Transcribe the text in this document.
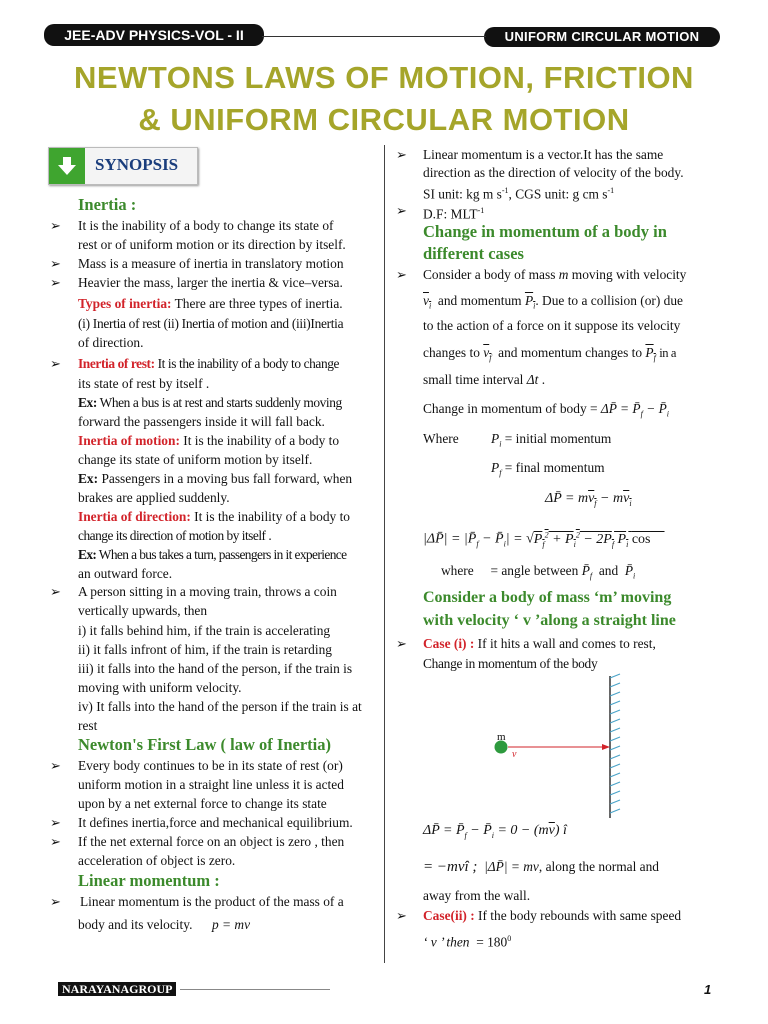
JEE-ADV PHYSICS-VOL - II	UNIFORM CIRCULAR MOTION
NEWTONS LAWS OF MOTION, FRICTION
& UNIFORM CIRCULAR MOTION
SYNOPSIS
Inertia :
➢ It is the inability of a body to change its state of
rest or of uniform motion or its direction by itself.
➢ Mass is a measure of inertia in translatory motion
➢ Heavier the mass, larger the inertia & vice–versa.
Types of inertia: There are three types of inertia.
(i) Inertia of rest (ii) Inertia of motion and (iii)Inertia
of direction.
➢ Inertia of rest: It is the inability of a body to change
its state of rest by itself .
Ex: When a bus is at rest and starts suddenly moving
forward the passengers inside it will fall back.
Inertia of motion: It is the inability of a body to
change its state of uniform motion by itself.
Ex: Passengers in a moving bus fall forward, when
brakes are applied suddenly.
Inertia of direction: It is the inability of a body to
change its direction of motion by itself .
Ex: When a bus takes a turn, passengers in it experience
an outward force.
➢ A person sitting in a moving train, throws a coin
vertically upwards, then
i) it falls behind him, if the train is accelerating
ii) it falls infront of him, if the train is retarding
iii) it falls into the hand of the person, if the train is
moving with uniform velocity.
iv) It falls into the hand of the person if the train is at
rest
Newton's First Law ( law of Inertia)
➢ Every body continues to be in its state of rest (or)
uniform motion in a straight line unless it is acted
upon by a net external force to change its state
➢ It defines inertia,force and mechanical equilibrium.
➢ If the net external force on an object is zero , then
acceleration of object is zero.
Linear momentum :
➢ Linear momentum is the product of the mass of a
body and its velocity. p = mv
➢ Linear momentum is a vector.It has the same
direction as the direction of velocity of the body.
SI unit: kg m $s^{-1}$, CGS unit: g cm $s^{-1}$
➢ D.F: $MLT^{-1}$
Change in momentum of a body in
different cases
➢ Consider a body of mass m moving with velocity
$v_i$ and momentum $P_i$. Due to a collision (or) due
to the action of a force on it suppose its velocity
changes to $v_f$ and momentum changes to $P_f$ in a
small time interval Δt .
Change in momentum of body = ΔP̄ = $P̄_f$ − $P̄_i$
Where $P_i$ = initial momentum
$P_f$ = final momentum
ΔP̄ = $mv_f - mv_i$
|ΔP̄| = $|P̄_f$ − $P̄_i| = √P_f^2 + P_i^2 - 2P_f$ $P_i$ cos
where = angle between $P̄_f$ and $P̄_i$
Consider a body of mass ‘m’ moving
with velocity ‘ v ’along a straight line
➢ Case (i) : If it hits a wall and comes to rest,
Change in momentum of the body
m
v
ΔP̄ = $P̄_f$ − $P̄_i = 0 - (m\overline{v})$ î
= −mvî ; |ΔP̄| = mv, along the normal and
away from the wall.
➢ Case(ii) : If the body rebounds with same speed
‘ v ’ then = $180^0$
NARAYANAGROUP	1
